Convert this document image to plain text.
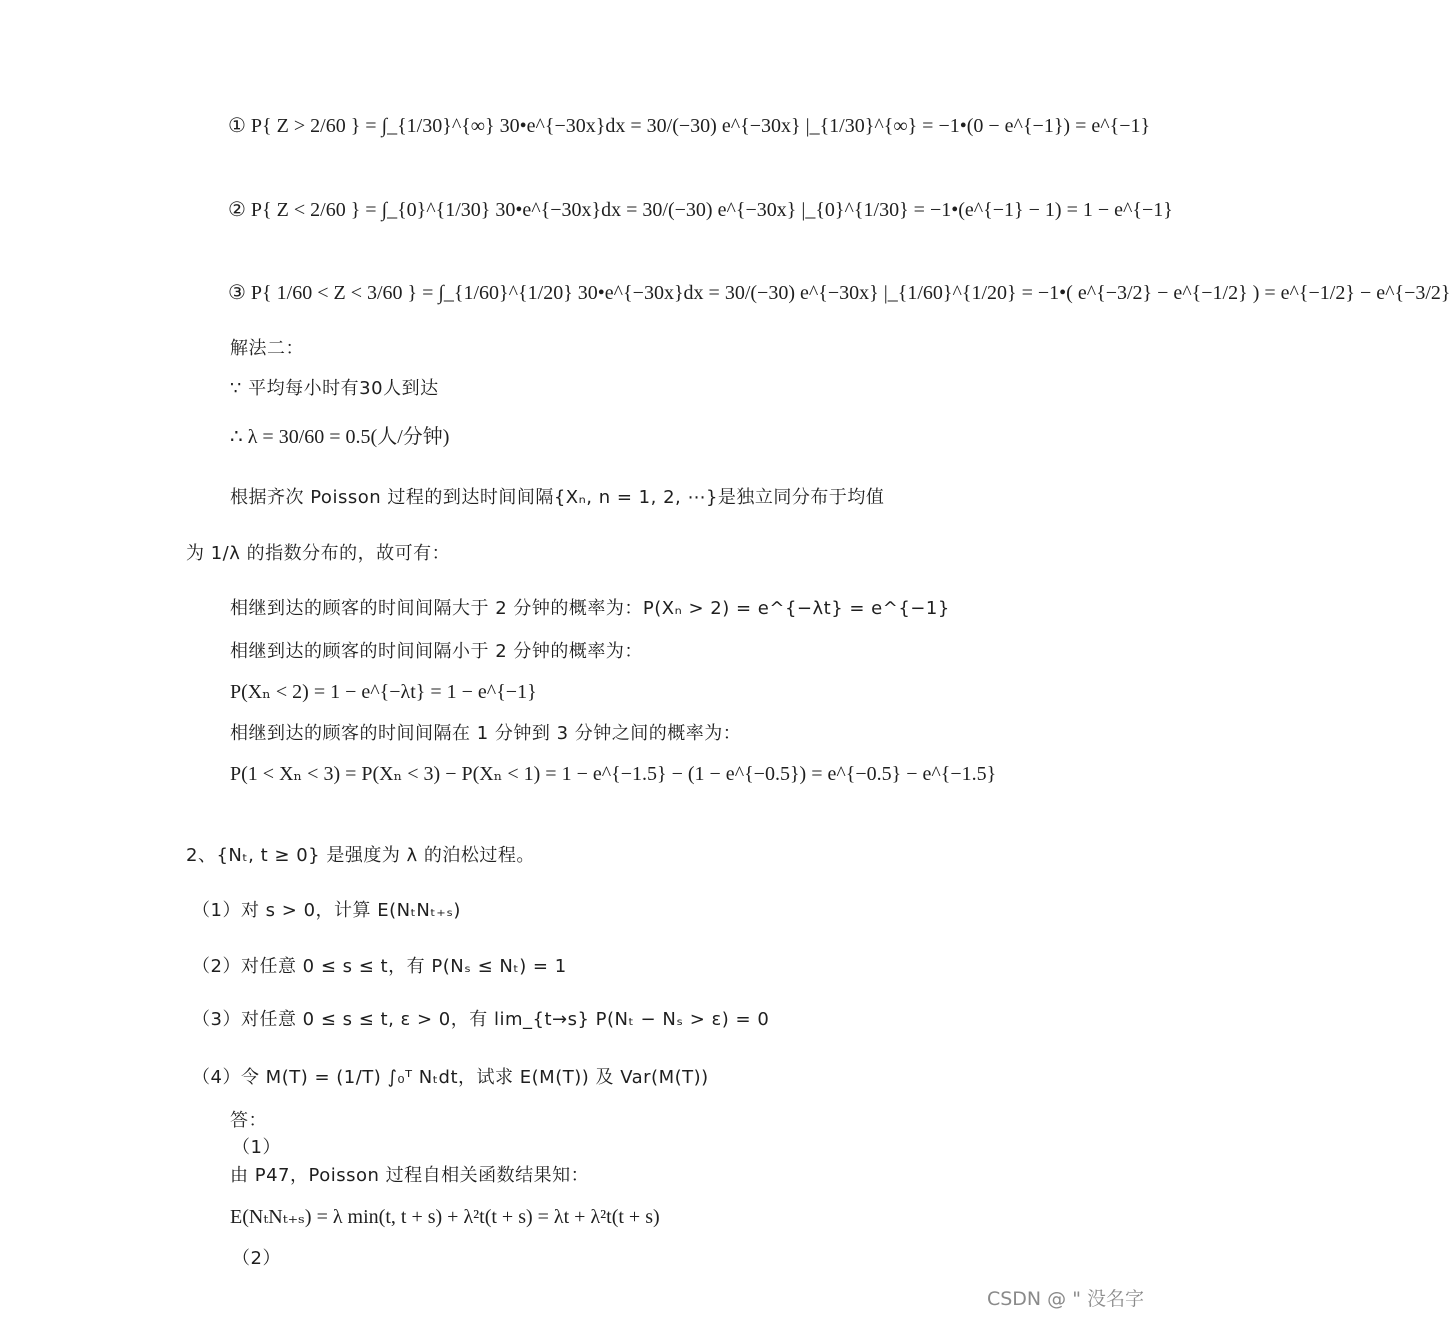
① P{ Z > 2/60 } = ∫_{1/30}^{∞} 30•e^{−30x}dx = 30/(−30) e^{−30x} |_{1/30}^{∞} = −1•(0 − e^{−1}) = e^{−1}
② P{ Z < 2/60 } = ∫_{0}^{1/30} 30•e^{−30x}dx = 30/(−30) e^{−30x} |_{0}^{1/30} = −1•(e^{−1} − 1) = 1 − e^{−1}
③ P{ 1/60 < Z < 3/60 } = ∫_{1/60}^{1/20} 30•e^{−30x}dx = 30/(−30) e^{−30x} |_{1/60}^{1/20} = −1•( e^{−3/2} − e^{−1/2} ) = e^{−1/2} − e^{−3/2}
解法二：
∵ 平均每小时有30人到达
∴ λ = 30/60 = 0.5(人/分钟)
根据齐次 Poisson 过程的到达时间间隔{Xₙ, n = 1, 2, ⋯}是独立同分布于均值
为 1/λ 的指数分布的，故可有：
相继到达的顾客的时间间隔大于 2 分钟的概率为：P(Xₙ > 2) = e^{−λt} = e^{−1}
相继到达的顾客的时间间隔小于 2 分钟的概率为：
P(Xₙ < 2) = 1 − e^{−λt} = 1 − e^{−1}
相继到达的顾客的时间间隔在 1 分钟到 3 分钟之间的概率为：
P(1 < Xₙ < 3) = P(Xₙ < 3) − P(Xₙ < 1) = 1 − e^{−1.5} − (1 − e^{−0.5}) = e^{−0.5} − e^{−1.5}
2、{Nₜ, t ≥ 0} 是强度为 λ 的泊松过程。
（1）对 s > 0，计算 E(NₜNₜ₊ₛ)
（2）对任意 0 ≤ s ≤ t，有 P(Nₛ ≤ Nₜ) = 1
（3）对任意 0 ≤ s ≤ t, ε > 0，有 lim_{t→s} P(Nₜ − Nₛ > ε) = 0
（4）令 M(T) = (1/T) ∫₀ᵀ Nₜdt，试求 E(M(T)) 及 Var(M(T))
答：
（1）
由 P47，Poisson 过程自相关函数结果知：
E(NₜNₜ₊ₛ) = λ min(t, t + s) + λ²t(t + s) = λt + λ²t(t + s)
（2）
CSDN @ " 没名字
